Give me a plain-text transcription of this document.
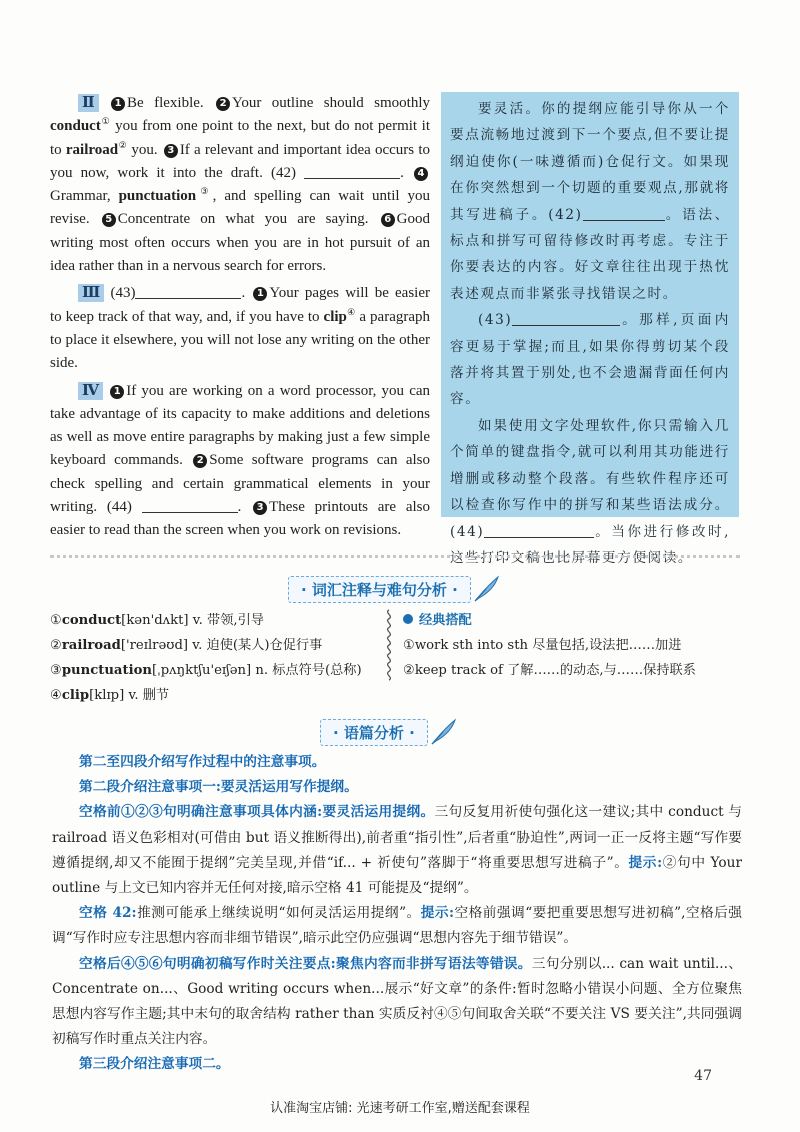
Ⅱ 1 Be flexible. 2 Your outline should smoothly conduct① you from one point to the next, but do not permit it to railroad② you. 3 If a relevant and important idea occurs to you now, work it into the draft. (42)	. 4 Grammar, punctuation③, and spelling can wait until you revise. 5 Concentrate on what you are saying. 6 Good writing most often occurs when you are in hot pursuit of an idea rather than in a nervous search for errors.

Ⅲ (43)	. 1 Your pages will be easier to keep track of that way, and, if you have to clip④ a paragraph to place it elsewhere, you will not lose any writing on the other side.

Ⅳ 1 If you are working on a word processor, you can take advantage of its capacity to make additions and deletions as well as move entire paragraphs by making just a few simple keyboard commands. 2 Some software programs can also check spelling and certain grammatical elements in your writing. (44)	. 3 These printouts are also easier to read than the screen when you work on revisions.

要灵活。你的提纲应能引导你从一个要点流畅地过渡到下一个要点,但不要让提纲迫使你(一味遵循而)仓促行文。如果现在你突然想到一个切题的重要观点,那就将其写进稿子。(42)	。语法、标点和拼写可留待修改时再考虑。专注于你要表达的内容。好文章往往出现于热忱表述观点而非紧张寻找错误之时。

(43)	。那样,页面内容更易于掌握;而且,如果你得剪切某个段落并将其置于别处,也不会遗漏背面任何内容。

如果使用文字处理软件,你只需输入几个简单的键盘指令,就可以利用其功能进行增删或移动整个段落。有些软件程序还可以检查你写作中的拼写和某些语法成分。(44)	。当你进行修改时,这些打印文稿也比屏幕更方便阅读。

· 词汇注释与难句分析 ·
①conduct[kən'dʌkt] v. 带领,引导
②railroad['reɪlrəʊd] v. 迫使(某人)仓促行事
③punctuation[ˌpʌŋktʃu'eɪʃən] n. 标点符号(总称)
④clip[klɪp] v. 删节
经典搭配
①work sth into sth 尽量包括,设法把……加进
②keep track of 了解……的动态,与……保持联系
· 语篇分析 ·

第二至四段介绍写作过程中的注意事项。

第二段介绍注意事项一:要灵活运用写作提纲。

空格前①②③句明确注意事项具体内涵:要灵活运用提纲。三句反复用祈使句强化这一建议;其中 conduct 与 railroad 语义色彩相对(可借由 but 语义推断得出),前者重“指引性”,后者重“胁迫性”,两词一正一反将主题“写作要遵循提纲,却又不能囿于提纲”完美呈现,并借“if... + 祈使句”落脚于“将重要思想写进稿子”。提示:②句中 Your outline 与上文已知内容并无任何对接,暗示空格 41 可能提及“提纲”。

空格 42:推测可能承上继续说明“如何灵活运用提纲”。提示:空格前强调“要把重要思想写进初稿”,空格后强调“写作时应专注思想内容而非细节错误”,暗示此空仍应强调“思想内容先于细节错误”。

空格后④⑤⑥句明确初稿写作时关注要点:聚焦内容而非拼写语法等错误。三句分别以... can wait until...、Concentrate on...、Good writing occurs when...展示“好文章”的条件:暂时忽略小错误小问题、全方位聚焦思想内容写作主题;其中末句的取舍结构 rather than 实质反衬④⑤句间取舍关联“不要关注 VS 要关注”,共同强调初稿写作时重点关注内容。

第三段介绍注意事项二。

47
认准淘宝店铺: 光速考研工作室,赠送配套课程
